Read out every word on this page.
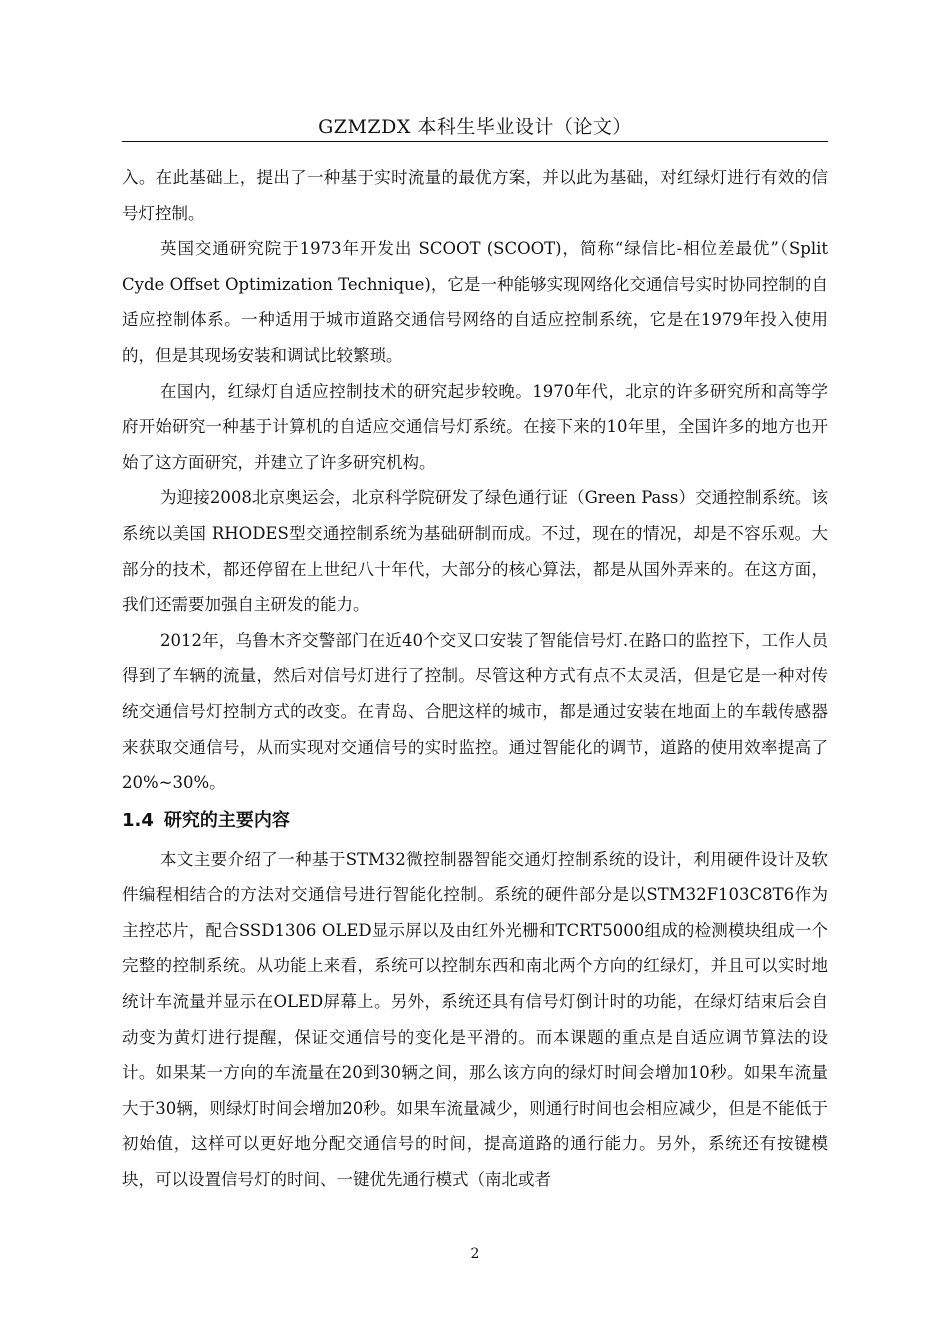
GZMZDX 本科生毕业设计（论文）

入。在此基础上，提出了一种基于实时流量的最优方案，并以此为基础，对红绿灯进行有效的信号灯控制。

英国交通研究院于1973年开发出 SCOOT (SCOOT)，简称“绿信比-相位差最优”（Split Cyde Offset Optimization Technique)，它是一种能够实现网络化交通信号实时协同控制的自适应控制体系。一种适用于城市道路交通信号网络的自适应控制系统，它是在1979年投入使用的，但是其现场安装和调试比较繁琐。

在国内，红绿灯自适应控制技术的研究起步较晚。1970年代，北京的许多研究所和高等学府开始研究一种基于计算机的自适应交通信号灯系统。在接下来的10年里，全国许多的地方也开始了这方面研究，并建立了许多研究机构。

为迎接2008北京奥运会，北京科学院研发了绿色通行证（Green Pass）交通控制系统。该系统以美国 RHODES型交通控制系统为基础研制而成。不过，现在的情况，却是不容乐观。大部分的技术，都还停留在上世纪八十年代，大部分的核心算法，都是从国外弄来的。在这方面，我们还需要加强自主研发的能力。

2012年，乌鲁木齐交警部门在近40个交叉口安装了智能信号灯.在路口的监控下，工作人员得到了车辆的流量，然后对信号灯进行了控制。尽管这种方式有点不太灵活，但是它是一种对传统交通信号灯控制方式的改变。在青岛、合肥这样的城市，都是通过安装在地面上的车载传感器来获取交通信号，从而实现对交通信号的实时监控。通过智能化的调节，道路的使用效率提高了20%~30%。

1.4 研究的主要内容

本文主要介绍了一种基于STM32微控制器智能交通灯控制系统的设计，利用硬件设计及软件编程相结合的方法对交通信号进行智能化控制。系统的硬件部分是以STM32F103C8T6作为主控芯片，配合SSD1306 OLED显示屏以及由红外光栅和TCRT5000组成的检测模块组成一个完整的控制系统。从功能上来看，系统可以控制东西和南北两个方向的红绿灯，并且可以实时地统计车流量并显示在OLED屏幕上。另外，系统还具有信号灯倒计时的功能，在绿灯结束后会自动变为黄灯进行提醒，保证交通信号的变化是平滑的。而本课题的重点是自适应调节算法的设计。如果某一方向的车流量在20到30辆之间，那么该方向的绿灯时间会增加10秒。如果车流量大于30辆，则绿灯时间会增加20秒。如果车流量减少，则通行时间也会相应减少，但是不能低于初始值，这样可以更好地分配交通信号的时间，提高道路的通行能力。另外，系统还有按键模块，可以设置信号灯的时间、一键优先通行模式（南北或者

2
